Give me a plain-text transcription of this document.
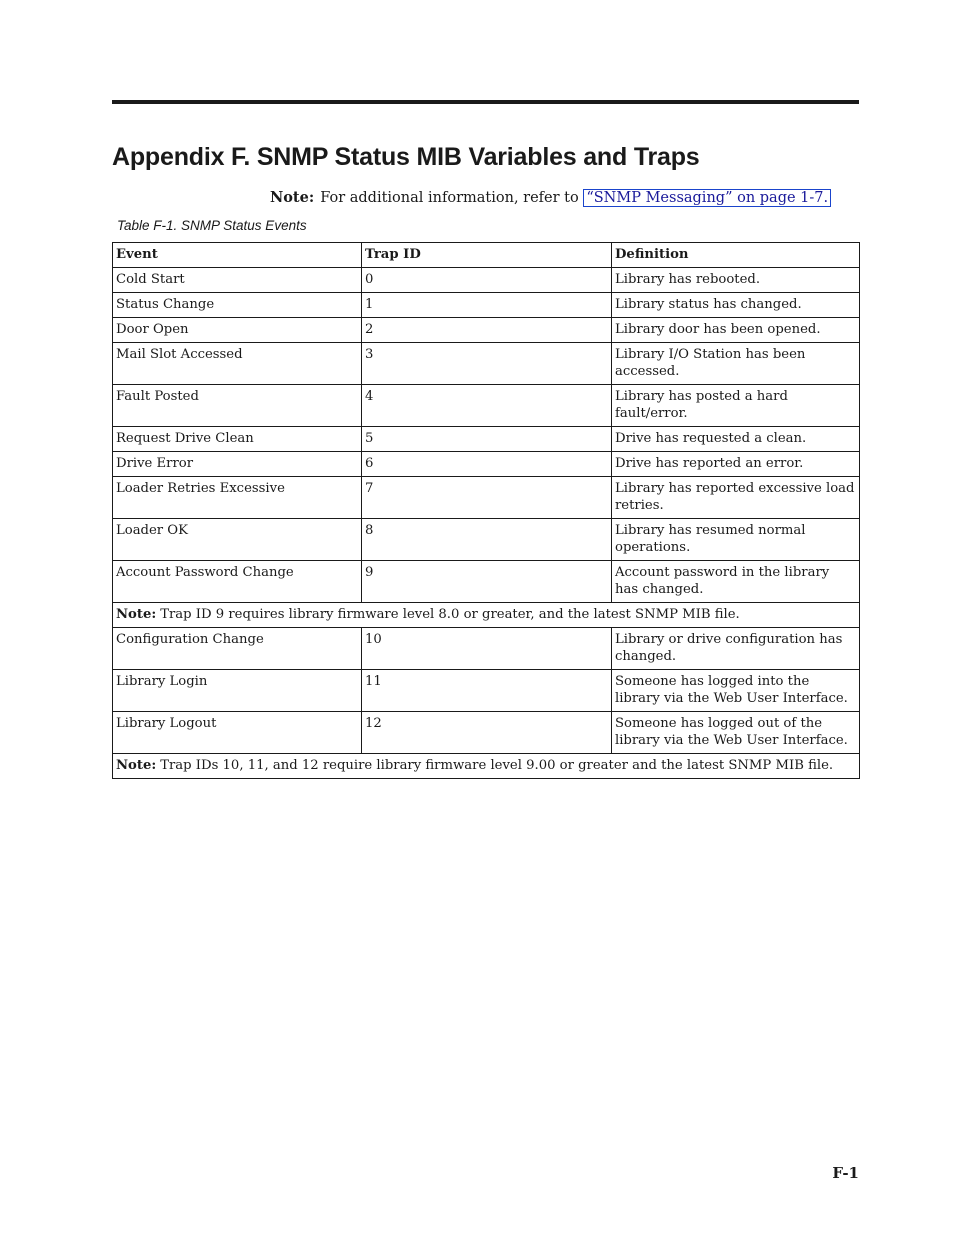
Appendix F. SNMP Status MIB Variables and Traps
Note: For additional information, refer to “SNMP Messaging” on page 1-7.
Table F-1. SNMP Status Events
Event	Trap ID	Definition
Cold Start	0	Library has rebooted.
Status Change	1	Library status has changed.
Door Open	2	Library door has been opened.
Mail Slot Accessed	3	Library I/O Station has been accessed.
Fault Posted	4	Library has posted a hard fault/error.
Request Drive Clean	5	Drive has requested a clean.
Drive Error	6	Drive has reported an error.
Loader Retries Excessive	7	Library has reported excessive load retries.
Loader OK	8	Library has resumed normal operations.
Account Password Change	9	Account password in the library has changed.
Note: Trap ID 9 requires library firmware level 8.0 or greater, and the latest SNMP MIB file.		
Configuration Change	10	Library or drive configuration has changed.
Library Login	11	Someone has logged into the library via the Web User Interface.
Library Logout	12	Someone has logged out of the library via the Web User Interface.
Note: Trap IDs 10, 11, and 12 require library firmware level 9.00 or greater and the latest SNMP MIB file.		
F-1
